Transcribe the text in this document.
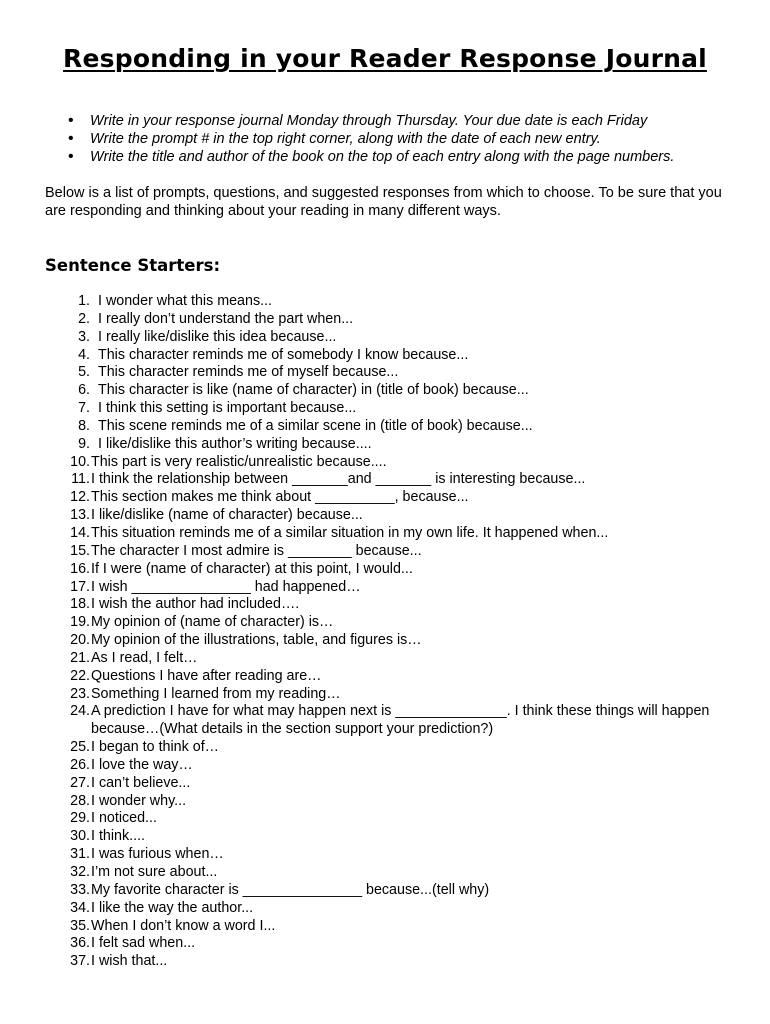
Responding in your Reader Response Journal
• Write in your response journal Monday through Thursday. Your due date is each Friday
• Write the prompt # in the top right corner, along with the date of each new entry.
• Write the title and author of the book on the top of each entry along with the page numbers.

Below is a list of prompts, questions, and suggested responses from which to choose. To be sure that you are responding and thinking about your reading in many different ways.

Sentence Starters:
1. I wonder what this means...
2. I really don’t understand the part when...
3. I really like/dislike this idea because...
4. This character reminds me of somebody I know because...
5. This character reminds me of myself because...
6. This character is like (name of character) in (title of book) because...
7. I think this setting is important because...
8. This scene reminds me of a similar scene in (title of book) because...
9. I like/dislike this author’s writing because....
10. This part is very realistic/unrealistic because....
11. I think the relationship between _______and _______ is interesting because...
12. This section makes me think about __________, because...
13. I like/dislike (name of character) because...
14. This situation reminds me of a similar situation in my own life. It happened when...
15. The character I most admire is ________ because...
16. If I were (name of character) at this point, I would...
17. I wish _______________ had happened…
18. I wish the author had included….
19. My opinion of (name of character) is…
20. My opinion of the illustrations, table, and figures is…
21. As I read, I felt…
22. Questions I have after reading are…
23. Something I learned from my reading…
24. A prediction I have for what may happen next is ______________. I think these things will happen because…(What details in the section support your prediction?)
25. I began to think of…
26. I love the way…
27. I can’t believe...
28. I wonder why...
29. I noticed...
30. I think....
31. I was furious when…
32. I’m not sure about...
33. My favorite character is _______________ because...(tell why)
34. I like the way the author...
35. When I don’t know a word I...
36. I felt sad when...
37. I wish that...
